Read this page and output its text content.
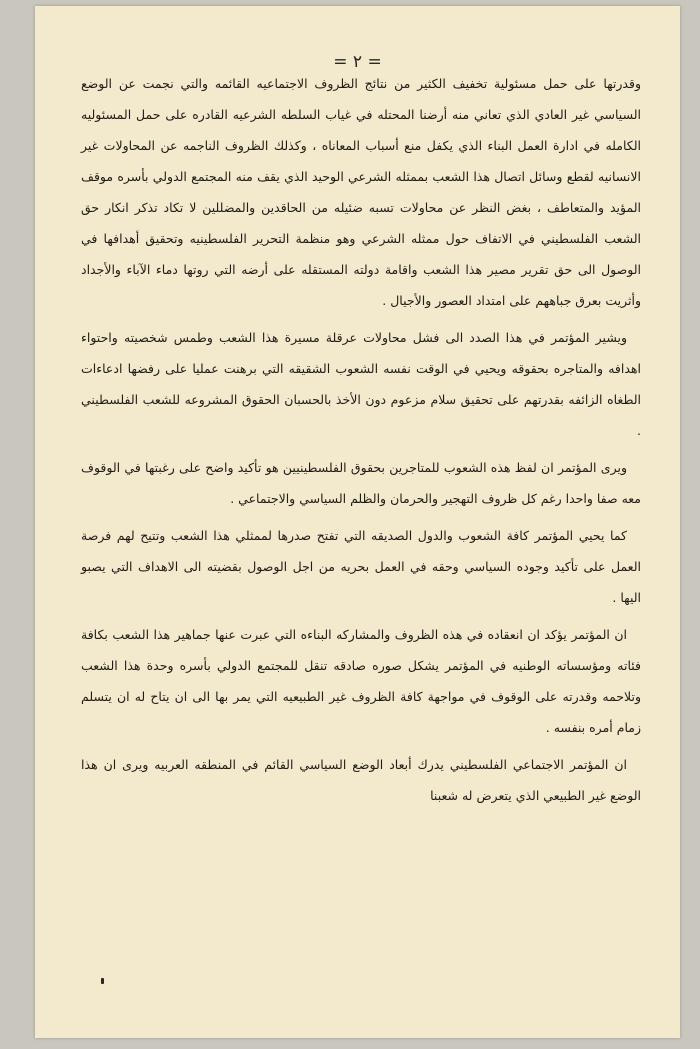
= ٢ =

وقدرتها على حمل مسئولية تخفيف الكثير من نتائج الظروف الاجتماعيه القائمه والتي نجمت عن الوضع السياسي غير العادي الذي تعاني منه أرضنا المحتله في غياب السلطه الشرعيه القادره على حمل المسئوليه الكامله في ادارة العمل البناء الذي يكفل منع أسباب المعاناه ، وكذلك الظروف الناجمه عن المحاولات غير الانسانيه لقطع وسائل اتصال هذا الشعب بممثله الشرعي الوحيد الذي يقف منه المجتمع الدولي بأسره موقف المؤيد والمتعاطف ، بغض النظر عن محاولات تسبه ضئيله من الحاقدين والمضللين لا تكاد تذكر انكار حق الشعب الفلسطيني في الاتفاف حول ممثله الشرعي وهو منظمة التحرير الفلسطينيه وتحقيق أهدافها في الوصول الى حق تقرير مصير هذا الشعب واقامة دولته المستقله على أرضه التي روتها دماء الآباء والأجداد وأثريت بعرق جباههم على امتداد العصور والأجيال .

ويشير المؤتمر في هذا الصدد الى فشل محاولات عرقلة مسيرة هذا الشعب وطمس شخصيته واحتواء اهدافه والمتاجره بحقوقه ويحيي في الوقت نفسه الشعوب الشقيقه التي برهنت عمليا على رفضها ادعاءات الطغاه الزائفه بقدرتهم على تحقيق سلام مزعوم دون الأخذ بالحسبان الحقوق المشروعه للشعب الفلسطيني .

ويرى المؤتمر ان لفظ هذه الشعوب للمتاجرين بحقوق الفلسطينيين هو تأكيد واضح على رغبتها في الوقوف معه صفا واحدا رغم كل ظروف التهجير والحرمان والظلم السياسي والاجتماعي .

كما يحيي المؤتمر كافة الشعوب والدول الصديقه التي تفتح صدرها لممثلي هذا الشعب وتتيح لهم فرصة العمل على تأكيد وجوده السياسي وحقه في العمل بحريه من اجل الوصول بقضيته الى الاهداف التي يصبو اليها .

ان المؤتمر يؤكد ان انعقاده في هذه الظروف والمشاركه البناءه التي عبرت عنها جماهير هذا الشعب بكافة فئاته ومؤسساته الوطنيه في المؤتمر يشكل صوره صادقه تنقل للمجتمع الدولي بأسره وحدة هذا الشعب وتلاحمه وقدرته على الوقوف في مواجهة كافة الظروف غير الطبيعيه التي يمر بها الى ان يتاح له ان يتسلم زمام أمره بنفسه .

ان المؤتمر الاجتماعي الفلسطيني يدرك أبعاد الوضع السياسي القائم في المنطقه العربيه ويرى ان هذا الوضع غير الطبيعي الذي يتعرض له شعبنا
